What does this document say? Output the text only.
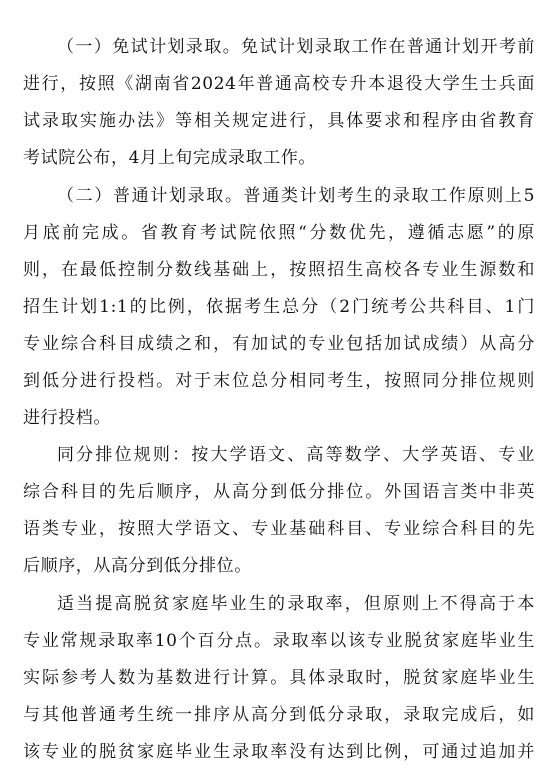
（一）免试计划录取。免试计划录取工作在普通计划开考前
进行，按照《湖南省2024年普通高校专升本退役大学生士兵面
试录取实施办法》等相关规定进行，具体要求和程序由省教育
考试院公布，4月上旬完成录取工作。
（二）普通计划录取。普通类计划考生的录取工作原则上5
月底前完成。省教育考试院依照“分数优先，遵循志愿”的原
则，在最低控制分数线基础上，按照招生高校各专业生源数和
招生计划1:1的比例，依据考生总分（2门统考公共科目、1门
专业综合科目成绩之和，有加试的专业包括加试成绩）从高分
到低分进行投档。对于末位总分相同考生，按照同分排位规则
进行投档。
同分排位规则：按大学语文、高等数学、大学英语、专业
综合科目的先后顺序，从高分到低分排位。外国语言类中非英
语类专业，按照大学语文、专业基础科目、专业综合科目的先
后顺序，从高分到低分排位。
适当提高脱贫家庭毕业生的录取率，但原则上不得高于本
专业常规录取率10个百分点。录取率以该专业脱贫家庭毕业生
实际参考人数为基数进行计算。具体录取时，脱贫家庭毕业生
与其他普通考生统一排序从高分到低分录取，录取完成后，如
该专业的脱贫家庭毕业生录取率没有达到比例，可通过追加并
